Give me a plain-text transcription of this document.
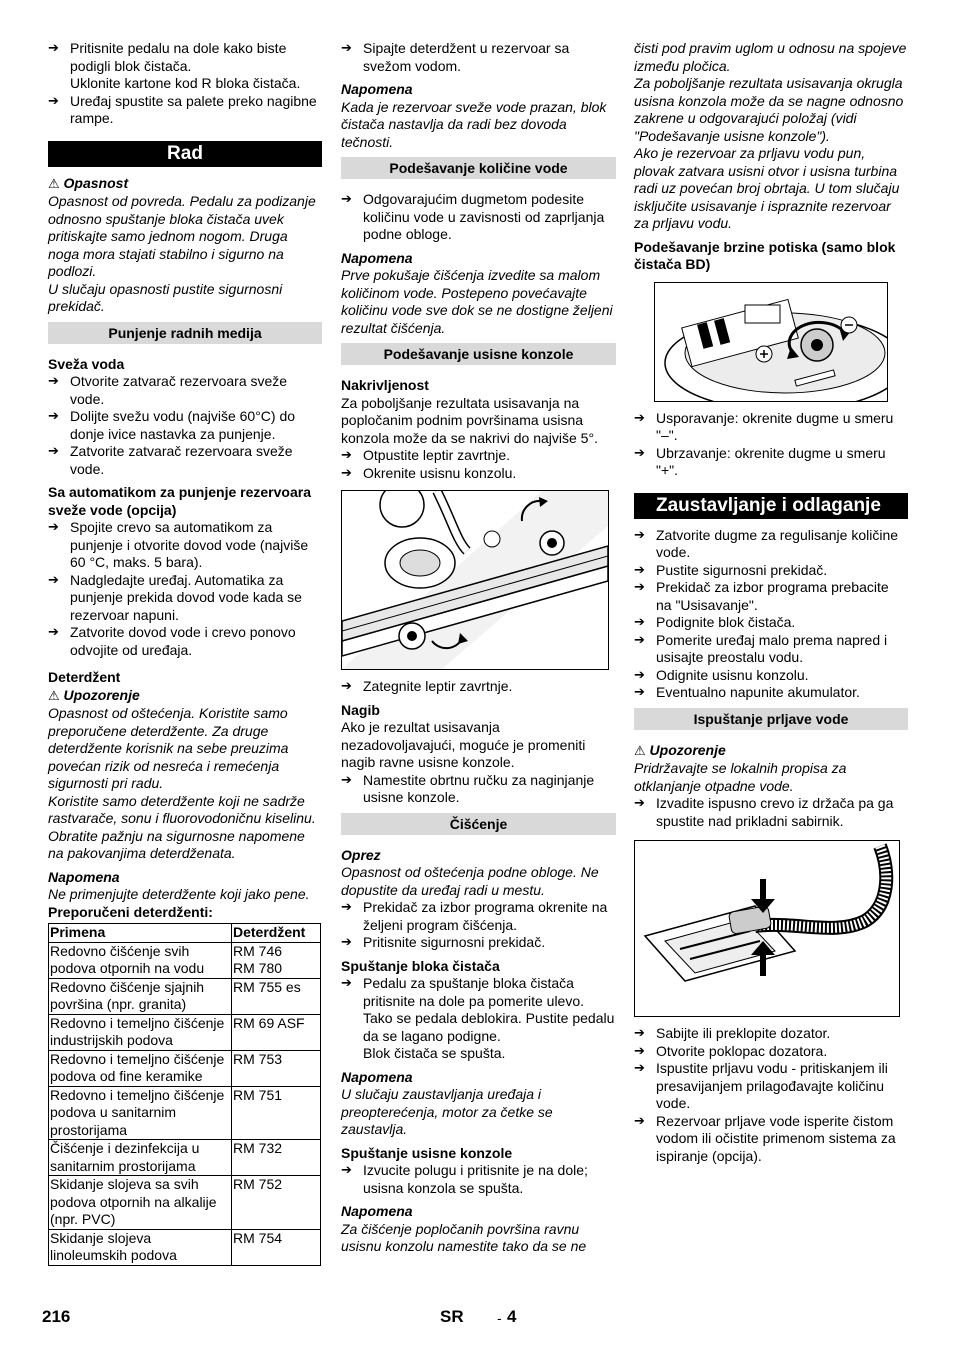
➔ Pritisnite pedalu na dole kako biste podigli blok čistača.

Uklonite kartone kod R bloka čistača.

➔ Uređaj spustite sa palete preko nagibne rampe.

Rad

⚠ Opasnost

Opasnost od povreda. Pedalu za podizanje odnosno spuštanje bloka čistača uvek pritiskajte samo jednom nogom. Druga noga mora stajati stabilno i sigurno na podlozi.

U slučaju opasnosti pustite sigurnosni prekidač.

Punjenje radnih medija

Sveža voda

➔ Otvorite zatvarač rezervoara sveže vode.

➔ Dolijte svežu vodu (najviše 60°C) do donje ivice nastavka za punjenje.

➔ Zatvorite zatvarač rezervoara sveže vode.

Sa automatikom za punjenje rezervoara sveže vode (opcija)

➔ Spojite crevo sa automatikom za punjenje i otvorite dovod vode (najviše 60 °C, maks. 5 bara).

➔ Nadgledajte uređaj. Automatika za punjenje prekida dovod vode kada se rezervoar napuni.

➔ Zatvorite dovod vode i crevo ponovo odvojite od uređaja.

Deterdžent

⚠ Upozorenje

Opasnost od oštećenja. Koristite samo preporučene deterdžente. Za druge deterdžente korisnik na sebe preuzima povećan rizik od nesreća i remećenja sigurnosti pri radu.

Koristite samo deterdžente koji ne sadrže rastvarače, sonu i fluorovodoničnu kiselinu. Obratite pažnju na sigurnosne napomene na pakovanjima deterdženata.

Napomena

Ne primenjujte deterdžente koji jako pene.

Preporučeni deterdženti:

Primena	Deterdžent
Redovno čišćenje svih podova otpornih na vodu	RM 746
RM 780
Redovno čišćenje sjajnih površina (npr. granita)	RM 755 es
Redovno i temeljno čišćenje industrijskih podova	RM 69 ASF
Redovno i temeljno čišćenje podova od fine keramike	RM 753
Redovno i temeljno čišćenje podova u sanitarnim prostorijama	RM 751
Čišćenje i dezinfekcija u sanitarnim prostorijama	RM 732
Skidanje slojeva sa svih podova otpornih na alkalije (npr. PVC)	RM 752
Skidanje slojeva linoleumskih podova	RM 754

➔ Sipajte deterdžent u rezervoar sa svežom vodom.

Napomena

Kada je rezervoar sveže vode prazan, blok čistača nastavlja da radi bez dovoda tečnosti.

Podešavanje količine vode

➔ Odgovarajućim dugmetom podesite količinu vode u zavisnosti od zaprljanja podne obloge.

Napomena

Prve pokušaje čišćenja izvedite sa malom količinom vode. Postepeno povećavajte količinu vode sve dok se ne dostigne željeni rezultat čišćenja.

Podešavanje usisne konzole

Nakrivljenost

Za poboljšanje rezultata usisavanja na popločanim podnim površinama usisna konzola može da se nakrivi do najviše 5°.

➔ Otpustite leptir zavrtnje.

➔ Okrenite usisnu konzolu.

➔ Zategnite leptir zavrtnje.

Nagib

Ako je rezultat usisavanja nezadovoljavajući, moguće je promeniti nagib ravne usisne konzole.

➔ Namestite obrtnu ručku za naginjanje usisne konzole.

Čišćenje

Oprez

Opasnost od oštećenja podne obloge. Ne dopustite da uređaj radi u mestu.

➔ Prekidač za izbor programa okrenite na željeni program čišćenja.

➔ Pritisnite sigurnosni prekidač.

Spuštanje bloka čistača

➔ Pedalu za spuštanje bloka čistača pritisnite na dole pa pomerite ulevo. Tako se pedala deblokira. Pustite pedalu da se lagano podigne.

Blok čistača se spušta.

Napomena

U slučaju zaustavljanja uređaja i preopterećenja, motor za četke se zaustavlja.

Spuštanje usisne konzole

➔ Izvucite polugu i pritisnite je na dole; usisna konzola se spušta.

Napomena

Za čišćenje popločanih površina ravnu usisnu konzolu namestite tako da se ne

čisti pod pravim uglom u odnosu na spojeve između pločica.

Za poboljšanje rezultata usisavanja okrugla usisna konzola može da se nagne odnosno zakrene u odgovarajući položaj (vidi "Podešavanje usisne konzole").

Ako je rezervoar za prljavu vodu pun, plovak zatvara usisni otvor i usisna turbina radi uz povećan broj obrtaja. U tom slučaju isključite usisavanje i ispraznite rezervoar za prljavu vodu.

Podešavanje brzine potiska (samo blok čistača BD)

➔ Usporavanje: okrenite dugme u smeru "–".

➔ Ubrzavanje: okrenite dugme u smeru "+".

Zaustavljanje i odlaganje

➔ Zatvorite dugme za regulisanje količine vode.

➔ Pustite sigurnosni prekidač.

➔ Prekidač za izbor programa prebacite na "Usisavanje".

➔ Podignite blok čistača.

➔ Pomerite uređaj malo prema napred i usisajte preostalu vodu.

➔ Odignite usisnu konzolu.

➔ Eventualno napunite akumulator.

Ispuštanje prljave vode

⚠ Upozorenje

Pridržavajte se lokalnih propisa za otklanjanje otpadne vode.

➔ Izvadite ispusno crevo iz držača pa ga spustite nad prikladni sabirnik.

➔ Sabijte ili preklopite dozator.

➔ Otvorite poklopac dozatora.

➔ Ispustite prljavu vodu - pritiskanjem ili presavijanjem prilagođavajte količinu vode.

➔ Rezervoar prljave vode isperite čistom vodom ili očistite primenom sistema za ispiranje (opcija).

216	SR - 4
